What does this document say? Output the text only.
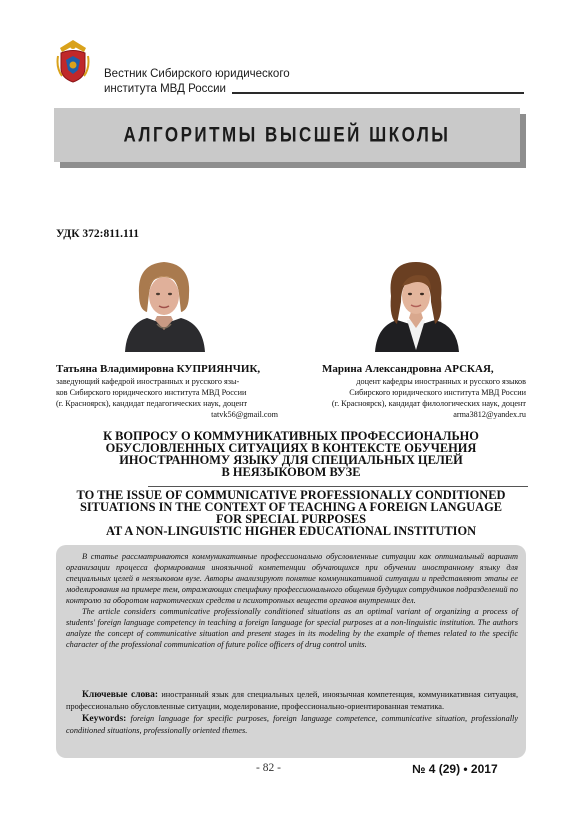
Вестник Сибирского юридического
института МВД России
АЛГОРИТМЫ ВЫСШЕЙ ШКОЛЫ
УДК 372:811.111
Татьяна Владимировна КУПРИЯНЧИК,
заведующий кафедрой иностранных и русского язы-
ков Сибирского юридического института МВД России
(г. Красноярск), кандидат педагогических наук, доцент
tatvk56@gmail.com
Марина Александровна АРСКАЯ,
доцент кафедры иностранных и русского языков
Сибирского юридического института МВД России
(г. Красноярск), кандидат филологических наук, доцент
arma3812@yandex.ru
К ВОПРОСУ О КОММУНИКАТИВНЫХ ПРОФЕССИОНАЛЬНО
ОБУСЛОВЛЕННЫХ СИТУАЦИЯХ В КОНТЕКСТЕ ОБУЧЕНИЯ
ИНОСТРАННОМУ ЯЗЫКУ ДЛЯ СПЕЦИАЛЬНЫХ ЦЕЛЕЙ
В НЕЯЗЫКОВОМ ВУЗЕ
TO THE ISSUE OF COMMUNICATIVE PROFESSIONALLY CONDITIONED
SITUATIONS IN THE CONTEXT OF TEACHING A FOREIGN LANGUAGE
FOR SPECIAL PURPOSES
AT A NON-LINGUISTIC HIGHER EDUCATIONAL INSTITUTION

В статье рассматриваются коммуникативные профессионально обусловленные ситуации как оптимальный вариант организации процесса формирования иноязычной компетенции обучающихся при обучении иностранному языку для специальных целей в неязыковом вузе. Авторы анализируют понятие коммуникативной ситуации и представляют этапы ее моделирования на примере тем, отражающих специфику профессионального общения будущих сотрудников подразделений по контролю за оборотом наркотических средств и психотропных веществ органов внутренних дел.

The article considers communicative professionally conditioned situations as an optimal variant of organizing a process of students' foreign language competency in teaching a foreign language for special purposes at a non-linguistic institution. The authors analyze the concept of communicative situation and present stages in its modeling by the example of themes related to the specific character of the professional communication of future police officers of drug control units.

Ключевые слова: иностранный язык для специальных целей, иноязычная компетенция, коммуникативная ситуация, профессионально обусловленные ситуации, моделирование, профессионально-ориентированная тематика.

Keywords: foreign language for specific purposes, foreign language competence, communicative situation, professionally conditioned situations, professionally oriented themes.

- 82 -	№ 4 (29) • 2017
